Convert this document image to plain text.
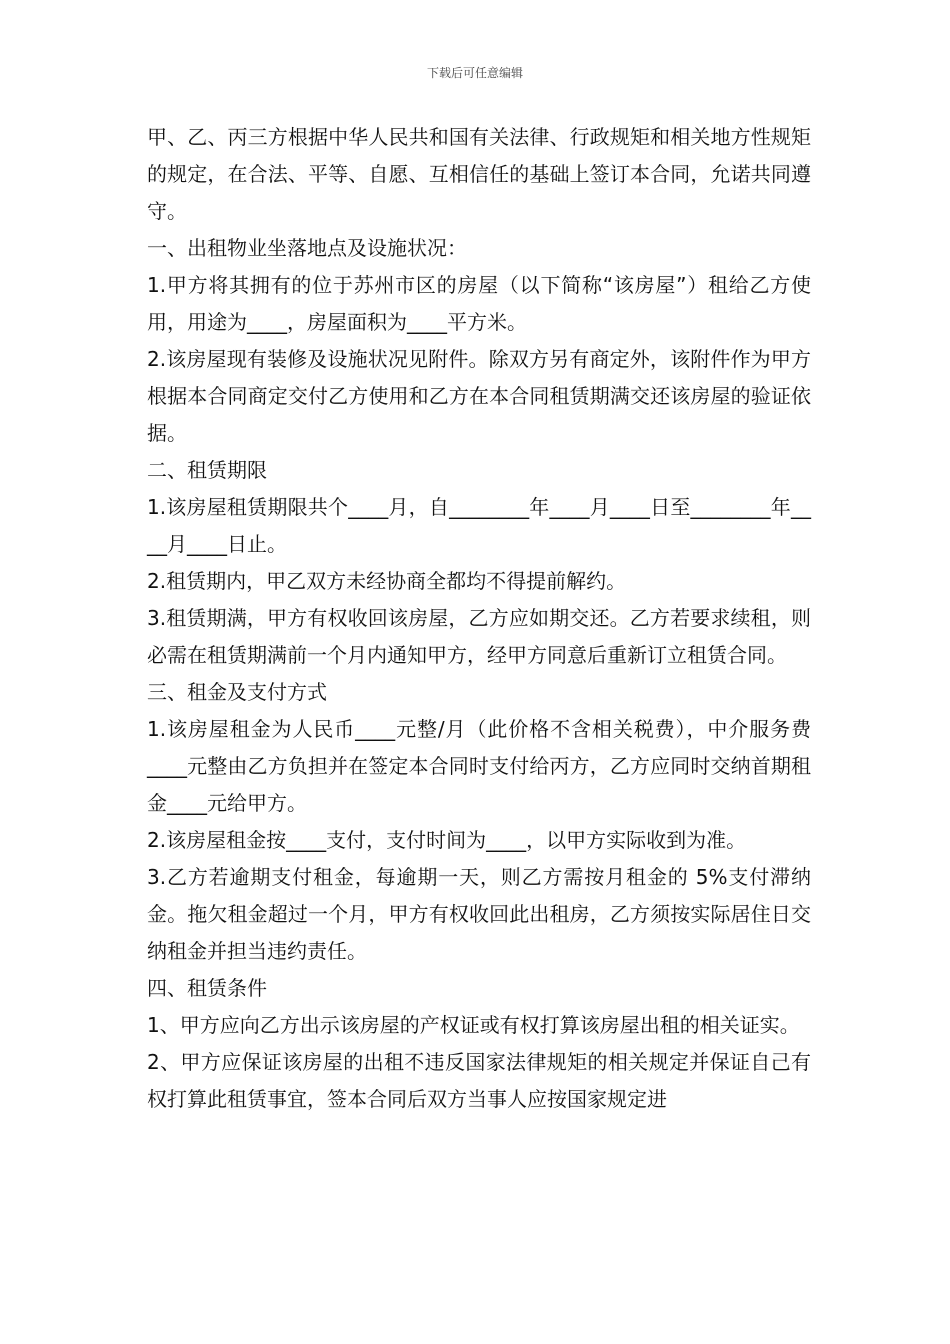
下载后可任意编辑

甲、乙、丙三方根据中华人民共和国有关法律、行政规矩和相关地方性规矩的规定，在合法、平等、自愿、互相信任的基础上签订本合同，允诺共同遵守。

一、出租物业坐落地点及设施状况：

1.甲方将其拥有的位于苏州市区的房屋（以下简称“该房屋”）租给乙方使用，用途为____，房屋面积为____平方米。

2.该房屋现有装修及设施状况见附件。除双方另有商定外，该附件作为甲方根据本合同商定交付乙方使用和乙方在本合同租赁期满交还该房屋的验证依据。

二、租赁期限

1.该房屋租赁期限共个____月，自________年____月____日至________年____月____日止。

2.租赁期内，甲乙双方未经协商全都均不得提前解约。

3.租赁期满，甲方有权收回该房屋，乙方应如期交还。乙方若要求续租，则必需在租赁期满前一个月内通知甲方，经甲方同意后重新订立租赁合同。

三、租金及支付方式

1.该房屋租金为人民币____元整/月（此价格不含相关税费），中介服务费____元整由乙方负担并在签定本合同时支付给丙方，乙方应同时交纳首期租金____元给甲方。

2.该房屋租金按____支付，支付时间为____，以甲方实际收到为准。

3.乙方若逾期支付租金，每逾期一天，则乙方需按月租金的 5%支付滞纳金。拖欠租金超过一个月，甲方有权收回此出租房，乙方须按实际居住日交纳租金并担当违约责任。

四、租赁条件

1、甲方应向乙方出示该房屋的产权证或有权打算该房屋出租的相关证实。

2、甲方应保证该房屋的出租不违反国家法律规矩的相关规定并保证自己有权打算此租赁事宜，签本合同后双方当事人应按国家规定进
